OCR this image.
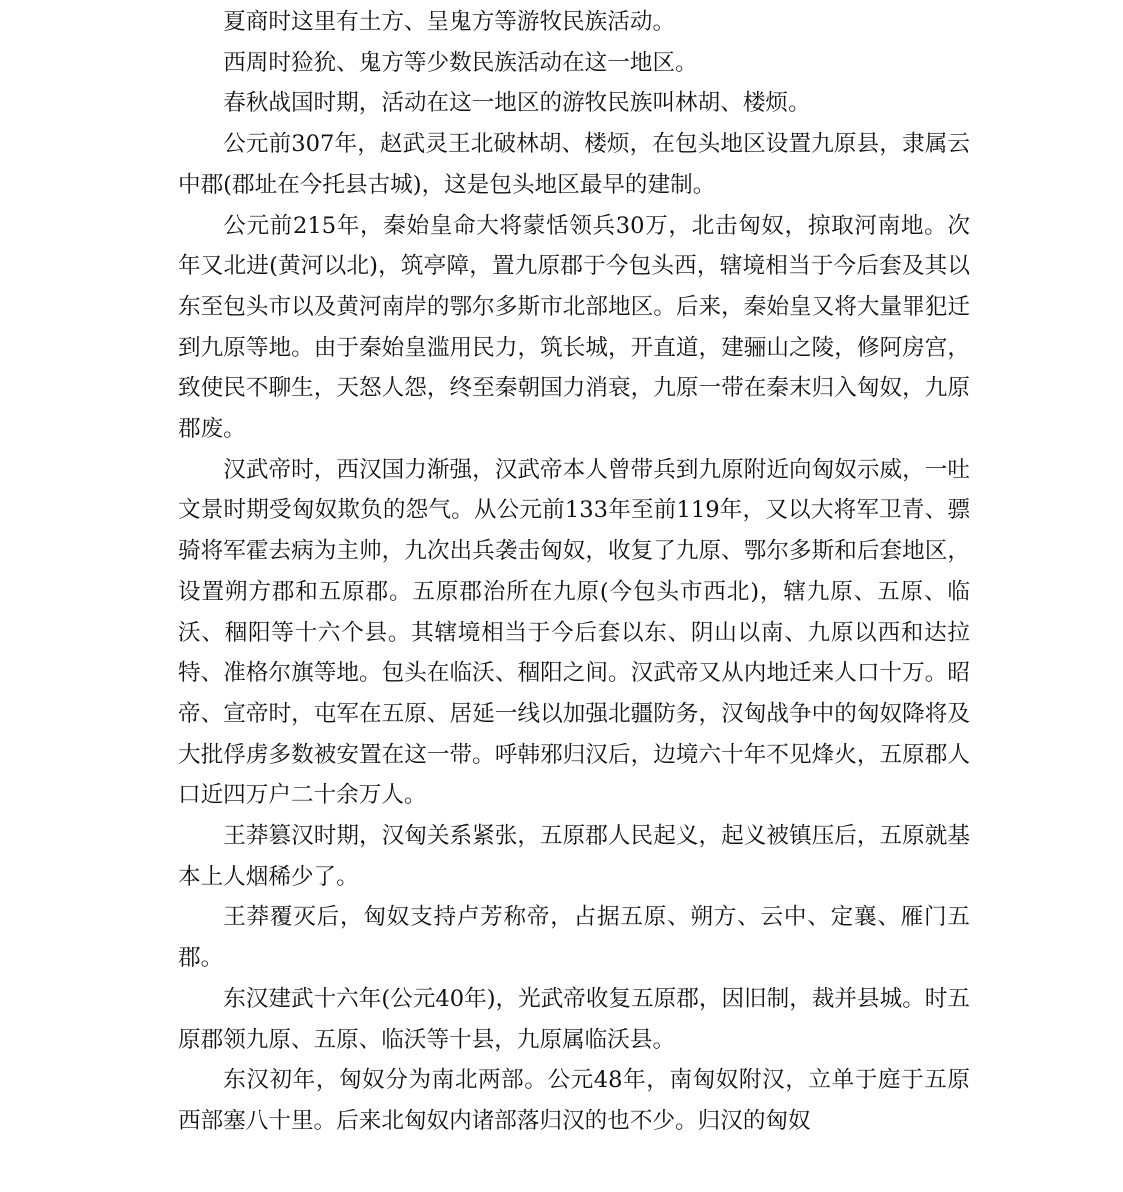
夏商时这里有土方、呈鬼方等游牧民族活动。

西周时猃狁、鬼方等少数民族活动在这一地区。

春秋战国时期，活动在这一地区的游牧民族叫林胡、楼烦。

公元前307年，赵武灵王北破林胡、楼烦，在包头地区设置九原县，隶属云中郡(郡址在今托县古城)，这是包头地区最早的建制。

公元前215年，秦始皇命大将蒙恬领兵30万，北击匈奴，掠取河南地。次年又北进(黄河以北)，筑亭障，置九原郡于今包头西，辖境相当于今后套及其以东至包头市以及黄河南岸的鄂尔多斯市北部地区。后来，秦始皇又将大量罪犯迁到九原等地。由于秦始皇滥用民力，筑长城，开直道，建骊山之陵，修阿房宫，致使民不聊生，天怒人怨，终至秦朝国力消衰，九原一带在秦末归入匈奴，九原郡废。

汉武帝时，西汉国力渐强，汉武帝本人曾带兵到九原附近向匈奴示威，一吐文景时期受匈奴欺负的怨气。从公元前133年至前119年，又以大将军卫青、骠骑将军霍去病为主帅，九次出兵袭击匈奴，收复了九原、鄂尔多斯和后套地区，设置朔方郡和五原郡。五原郡治所在九原(今包头市西北)，辖九原、五原、临沃、稒阳等十六个县。其辖境相当于今后套以东、阴山以南、九原以西和达拉特、准格尔旗等地。包头在临沃、稒阳之间。汉武帝又从内地迁来人口十万。昭帝、宣帝时，屯军在五原、居延一线以加强北疆防务，汉匈战争中的匈奴降将及大批俘虏多数被安置在这一带。呼韩邪归汉后，边境六十年不见烽火，五原郡人口近四万户二十余万人。

王莽篡汉时期，汉匈关系紧张，五原郡人民起义，起义被镇压后，五原就基本上人烟稀少了。

王莽覆灭后，匈奴支持卢芳称帝，占据五原、朔方、云中、定襄、雁门五郡。

东汉建武十六年(公元40年)，光武帝收复五原郡，因旧制，裁并县城。时五原郡领九原、五原、临沃等十县，九原属临沃县。

东汉初年，匈奴分为南北两部。公元48年，南匈奴附汉，立单于庭于五原西部塞八十里。后来北匈奴内诸部落归汉的也不少。归汉的匈奴
